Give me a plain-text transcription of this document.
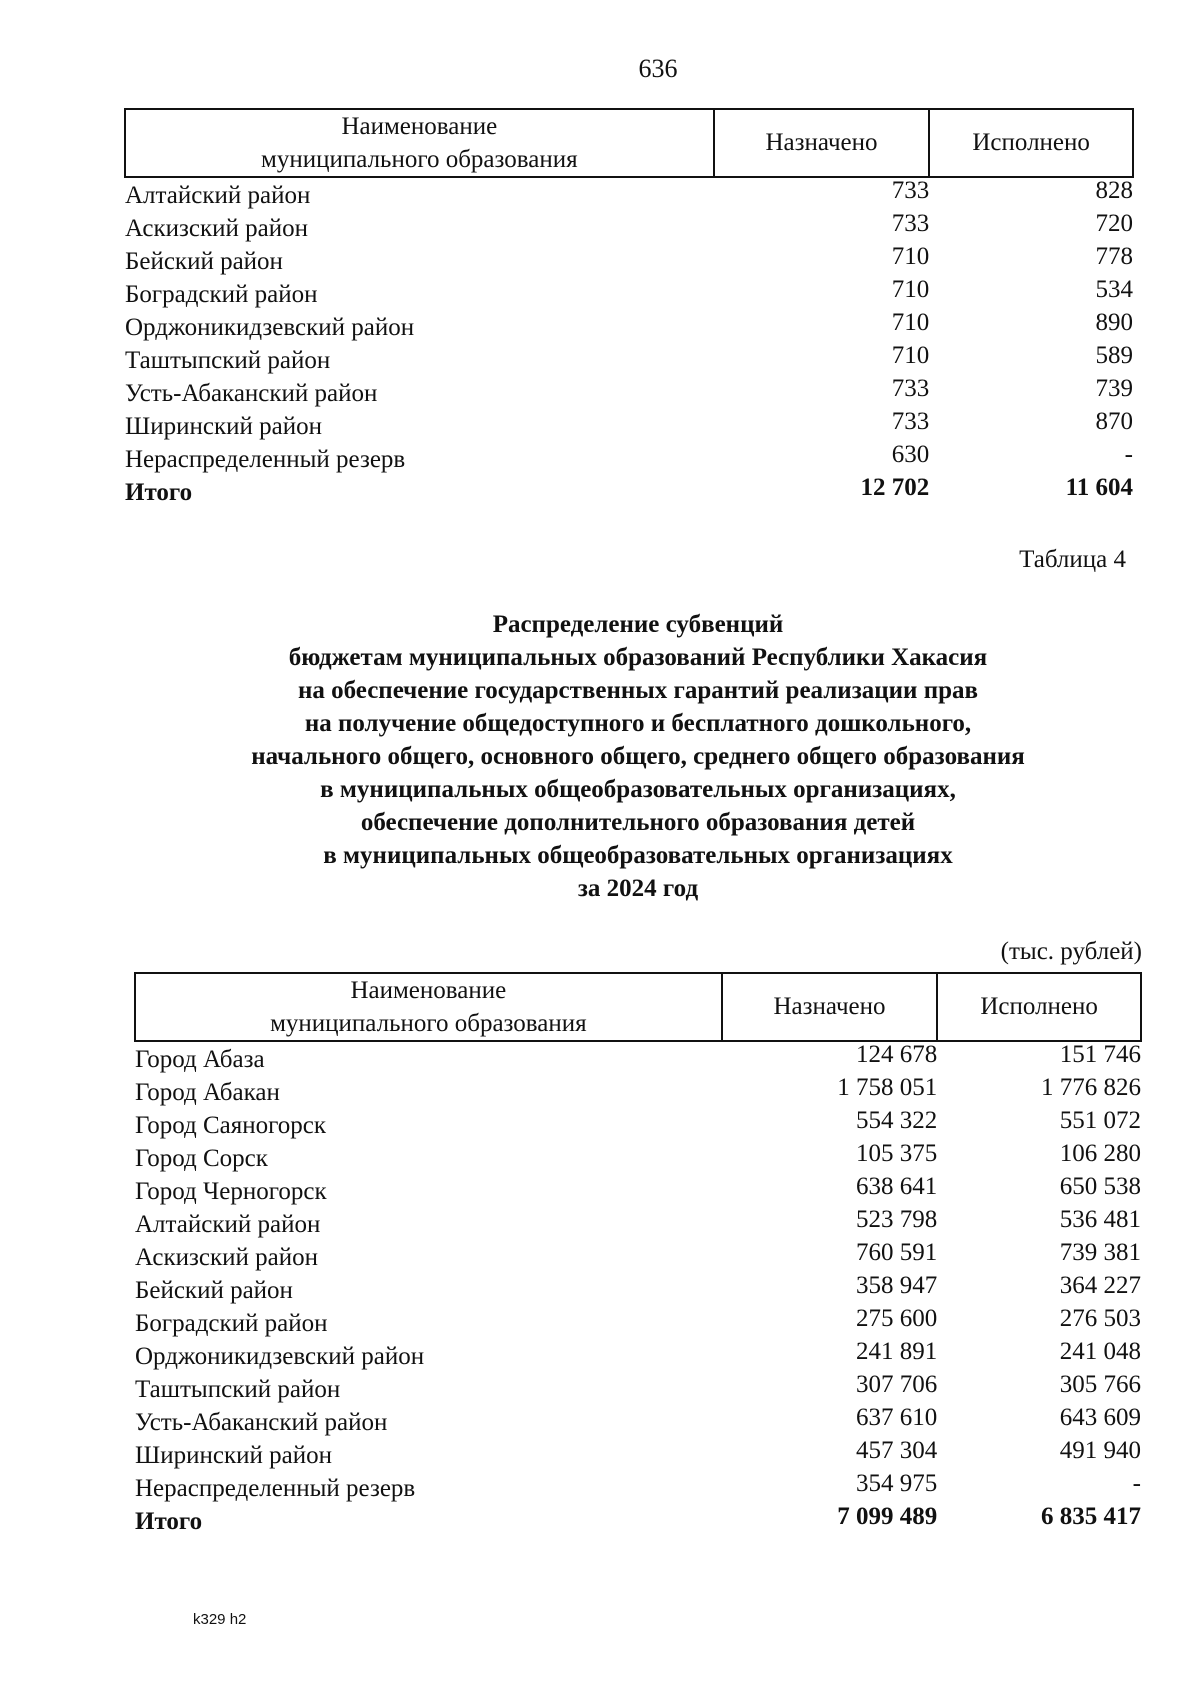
636
Наименование
муниципального образования	Назначено	Исполнено
Алтайский район	733	828
Аскизский район	733	720
Бейский район	710	778
Боградский район	710	534
Орджоникидзевский район	710	890
Таштыпский район	710	589
Усть-Абаканский район	733	739
Ширинский район	733	870
Нераспределенный резерв	630	-
Итого	12 702	11 604
Таблица 4
Распределение субвенций
бюджетам муниципальных образований Республики Хакасия
на обеспечение государственных гарантий реализации прав
на получение общедоступного и бесплатного дошкольного,
начального общего, основного общего, среднего общего образования
в муниципальных общеобразовательных организациях,
обеспечение дополнительного образования детей
в муниципальных общеобразовательных организациях
за 2024 год
(тыс. рублей)
Наименование
муниципального образования	Назначено	Исполнено
Город Абаза	124 678	151 746
Город Абакан	1 758 051	1 776 826
Город Саяногорск	554 322	551 072
Город Сорск	105 375	106 280
Город Черногорск	638 641	650 538
Алтайский район	523 798	536 481
Аскизский район	760 591	739 381
Бейский район	358 947	364 227
Боградский район	275 600	276 503
Орджоникидзевский район	241 891	241 048
Таштыпский район	307 706	305 766
Усть-Абаканский район	637 610	643 609
Ширинский район	457 304	491 940
Нераспределенный резерв	354 975	-
Итого	7 099 489	6 835 417
k329 h2
